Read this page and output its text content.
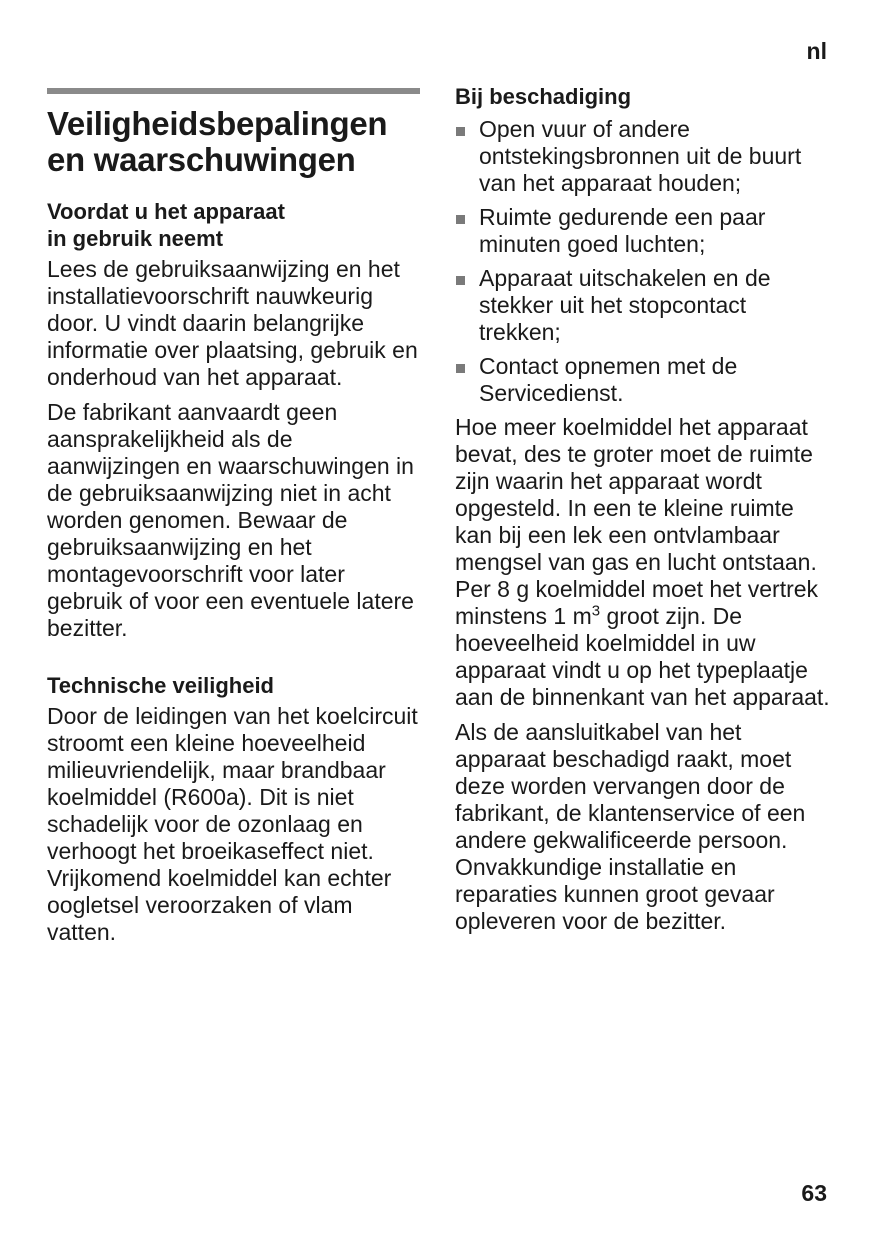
nl
Veiligheidsbepalingen
en waarschuwingen
Voordat u het apparaat
in gebruik neemt

Lees de gebruiksaanwijzing en het installatievoorschrift nauwkeurig door. U vindt daarin belangrijke informatie over plaatsing, gebruik en onderhoud van het apparaat.

De fabrikant aanvaardt geen aansprakelijkheid als de aanwijzingen en waarschuwingen in de gebruiksaanwijzing niet in acht worden genomen. Bewaar de gebruiksaanwijzing en het montagevoorschrift voor later gebruik of voor een eventuele latere bezitter.

Technische veiligheid

Door de leidingen van het koelcircuit stroomt een kleine hoeveelheid milieuvriendelijk, maar brandbaar koelmiddel (R600a). Dit is niet schadelijk voor de ozonlaag en verhoogt het broeikaseffect niet. Vrijkomend koelmiddel kan echter oogletsel veroorzaken of vlam vatten.

Bij beschadiging
Open vuur of andere ontstekingsbronnen uit de buurt van het apparaat houden;
Ruimte gedurende een paar minuten goed luchten;
Apparaat uitschakelen en de stekker uit het stopcontact trekken;
Contact opnemen met de Servicedienst.

Hoe meer koelmiddel het apparaat bevat, des te groter moet de ruimte zijn waarin het apparaat wordt opgesteld. In een te kleine ruimte kan bij een lek een ontvlambaar mengsel van gas en lucht ontstaan.
Per 8 g koelmiddel moet het vertrek minstens 1 $m^3$ groot zijn. De hoeveelheid koelmiddel in uw apparaat vindt u op het typeplaatje aan de binnenkant van het apparaat.

Als de aansluitkabel van het apparaat beschadigd raakt, moet deze worden vervangen door de fabrikant, de klantenservice of een andere gekwalificeerde persoon. Onvakkundige installatie en reparaties kunnen groot gevaar opleveren voor de bezitter.

63
